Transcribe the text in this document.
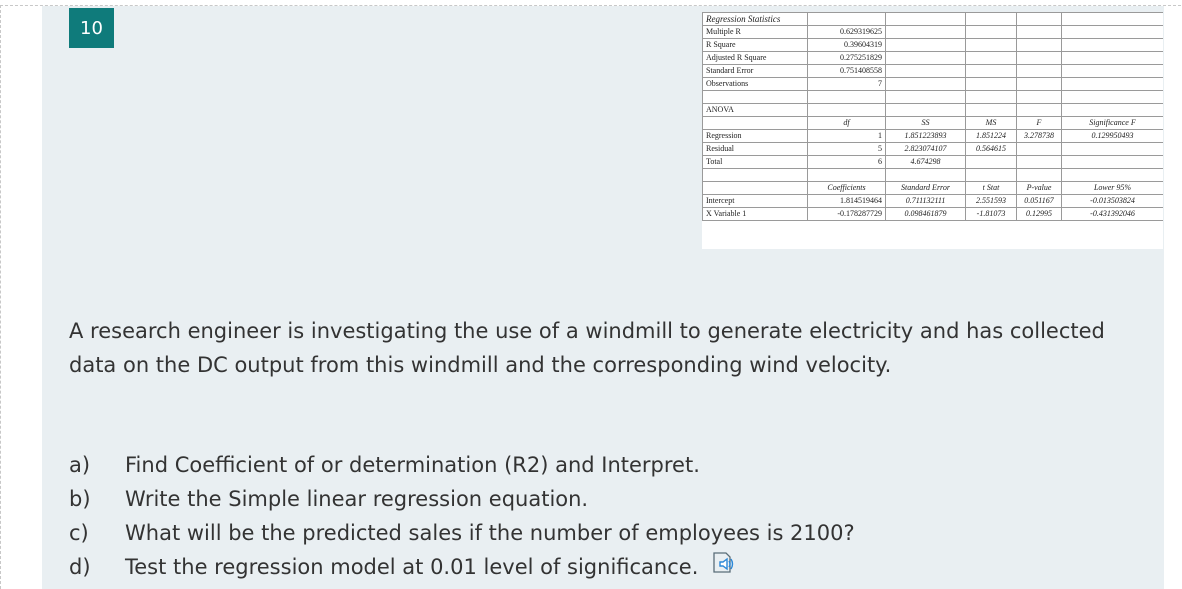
10	Regression Statistics					
Multiple R	0.629319625				
R Square	0.39604319				
Adjusted R Square	0.275251829				
Standard Error	0.751408558				
Observations	7				

ANOVA					
	df	SS	MS	F	Significance F
Regression	1	1.851223893	1.851224	3.278738	0.129950493
Residual	5	2.823074107	0.564615		
Total	6	4.674298			

	Coefficients	Standard Error	t Stat	P-value	Lower 95%
Intercept	1.814519464	0.711132111	2.551593	0.051167	-0.013503824
X Variable 1	-0.178287729	0.098461879	-1.81073	0.12995	-0.431392046
A research engineer is investigating the use of a windmill to generate electricity and has collected data on the DC output from this windmill and the corresponding wind velocity.
a)	Find Coefficient of or determination (R2) and Interpret.
b)	Write the Simple linear regression equation.
c)	What will be the predicted sales if the number of employees is 2100?
d)	Test the regression model at 0.01 level of significance.
